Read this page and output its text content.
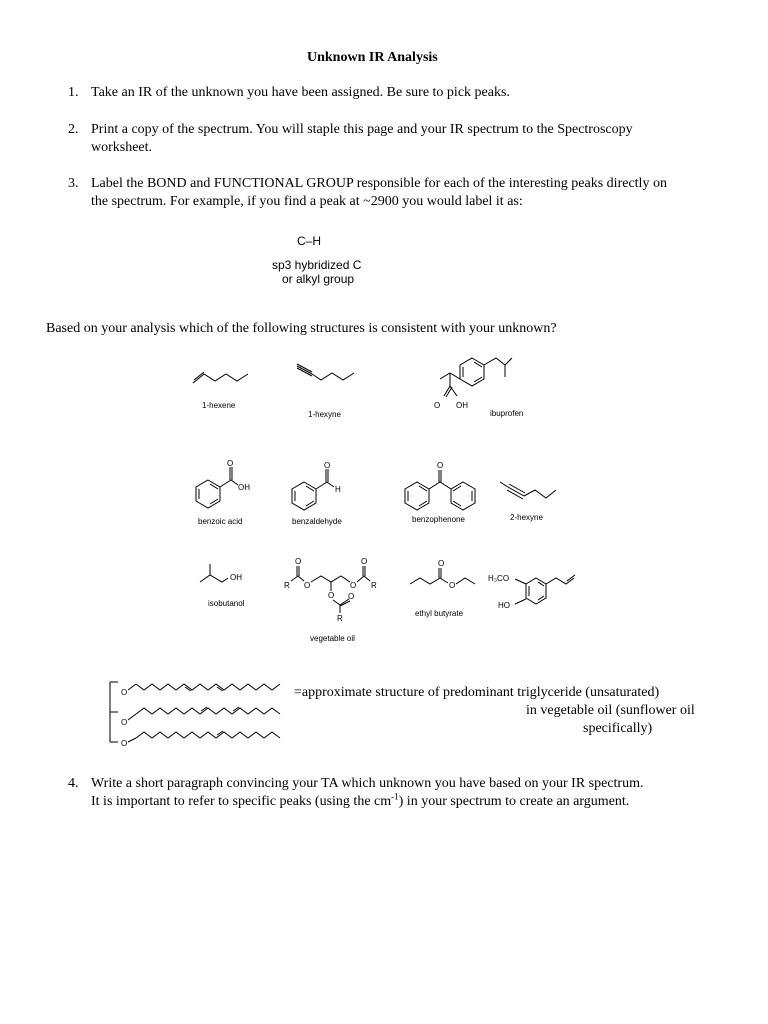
Unknown IR Analysis
1. Take an IR of the unknown you have been assigned. Be sure to pick peaks.
2. Print a copy of the spectrum. You will staple this page and your IR spectrum to the Spectroscopy
worksheet.
3. Label the BOND and FUNCTIONAL GROUP responsible for each of the interesting peaks directly on
the spectrum. For example, if you find a peak at ~2900 you would label it as:
C–H
sp3 hybridized C
or alkyl group
Based on your analysis which of the following structures is consistent with your unknown?
1-hexene
1-hexyne
O OH
ibuprofen
O
OH
benzoic acid
O
H
benzaldehyde
O
benzophenone	2-hexyne
OH
isobutanol
R
O
O
O O
R
O
O
R
vegetable oil
O
O
ethyl butyrate
H₃CO
HO
O
O
O
=approximate structure of predominant triglyceride (unsaturated)
in vegetable oil (sunflower oil
specifically)
4. Write a short paragraph convincing your TA which unknown you have based on your IR spectrum.
It is important to refer to specific peaks (using the $cm^{-1}$) in your spectrum to create an argument.
